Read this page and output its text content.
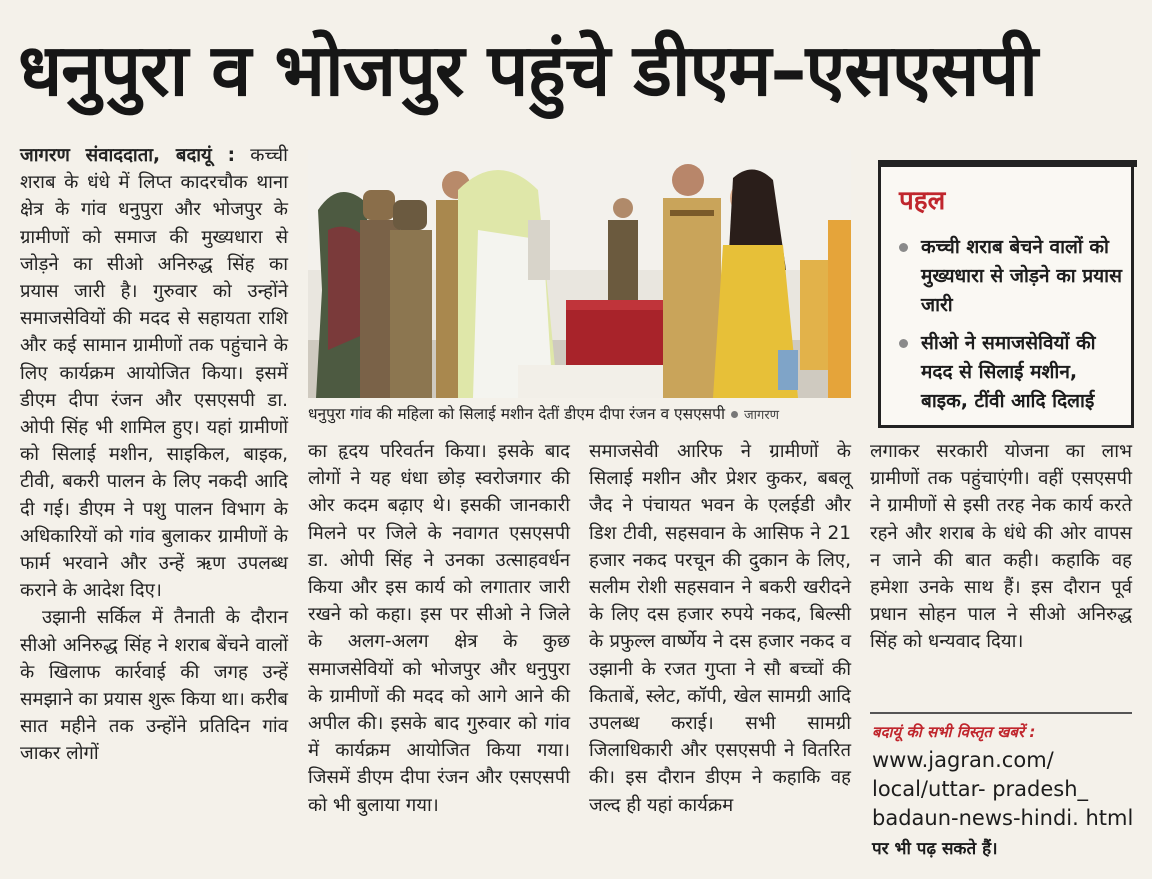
धनुपुरा व भोजपुर पहुंचे डीएम–एसएसपी
जागरण संवाददाता, बदायूं : कच्ची शराब के धंधे में लिप्त कादरचौक थाना क्षेत्र के गांव धनुपुरा और भोजपुर के ग्रामीणों को समाज की मुख्यधारा से जोड़ने का सीओ अनिरुद्ध सिंह का प्रयास जारी है। गुरुवार को उन्होंने समाजसेवियों की मदद से सहायता राशि और कई सामान ग्रामीणों तक पहुंचाने के लिए कार्यक्रम आयोजित किया। इसमें डीएम दीपा रंजन और एसएसपी डा. ओपी सिंह भी शामिल हुए। यहां ग्रामीणों को सिलाई मशीन, साइकिल, बाइक, टीवी, बकरी पालन के लिए नकदी आदि दी गई। डीएम ने पशु पालन विभाग के अधिकारियों को गांव बुलाकर ग्रामीणों के फार्म भरवाने और उन्हें ऋण उपलब्ध कराने के आदेश दिए।
उझानी सर्किल में तैनाती के दौरान सीओ अनिरुद्ध सिंह ने शराब बेंचने वालों के खिलाफ कार्रवाई की जगह उन्हें समझाने का प्रयास शुरू किया था। करीब सात महीने तक उन्होंने प्रतिदिन गांव जाकर लोगों
धनुपुरा गांव की महिला को सिलाई मशीन देतीं डीएम दीपा रंजन व एसएसपी जागरण
पहल
कच्ची शराब बेचने वालों को मुख्यधारा से जोड़ने का प्रयास जारी
सीओ ने समाजसेवियों की मदद से सिलाई मशीन, बाइक, टींवी आदि दिलाई
का हृदय परिवर्तन किया। इसके बाद लोगों ने यह धंधा छोड़ स्वरोजगार की ओर कदम बढ़ाए थे। इसकी जानकारी मिलने पर जिले के नवागत एसएसपी डा. ओपी सिंह ने उनका उत्साहवर्धन किया और इस कार्य को लगातार जारी रखने को कहा। इस पर सीओ ने जिले के अलग-अलग क्षेत्र के कुछ समाजसेवियों को भोजपुर और धनुपुरा के ग्रामीणों की मदद को आगे आने की अपील की। इसके बाद गुरुवार को गांव में कार्यक्रम आयोजित किया गया। जिसमें डीएम दीपा रंजन और एसएसपी को भी बुलाया गया।
समाजसेवी आरिफ ने ग्रामीणों के सिलाई मशीन और प्रेशर कुकर, बबलू जैद ने पंचायत भवन के एलईडी और डिश टीवी, सहसवान के आसिफ ने 21 हजार नकद परचून की दुकान के लिए, सलीम रोशी सहसवान ने बकरी खरीदने के लिए दस हजार रुपये नकद, बिल्सी के प्रफुल्ल वार्ष्णेय ने दस हजार नकद व उझानी के रजत गुप्ता ने सौ बच्चों की किताबें, स्लेट, कॉपी, खेल सामग्री आदि उपलब्ध कराई। सभी सामग्री जिलाधिकारी और एसएसपी ने वितरित की। इस दौरान डीएम ने कहाकि वह जल्द ही यहां कार्यक्रम
लगाकर सरकारी योजना का लाभ ग्रामीणों तक पहुंचाएंगी। वहीं एसएसपी ने ग्रामीणों से इसी तरह नेक कार्य करते रहने और शराब के धंधे की ओर वापस न जाने की बात कही। कहाकि वह हमेशा उनके साथ हैं। इस दौरान पूर्व प्रधान सोहन पाल ने सीओ अनिरुद्ध सिंह को धन्यवाद दिया।
बदायूं की सभी विस्तृत खबरें :
www.jagran.com/ local/uttar- pradesh_ badaun-news-hindi. html पर भी पढ़ सकते हैं।
